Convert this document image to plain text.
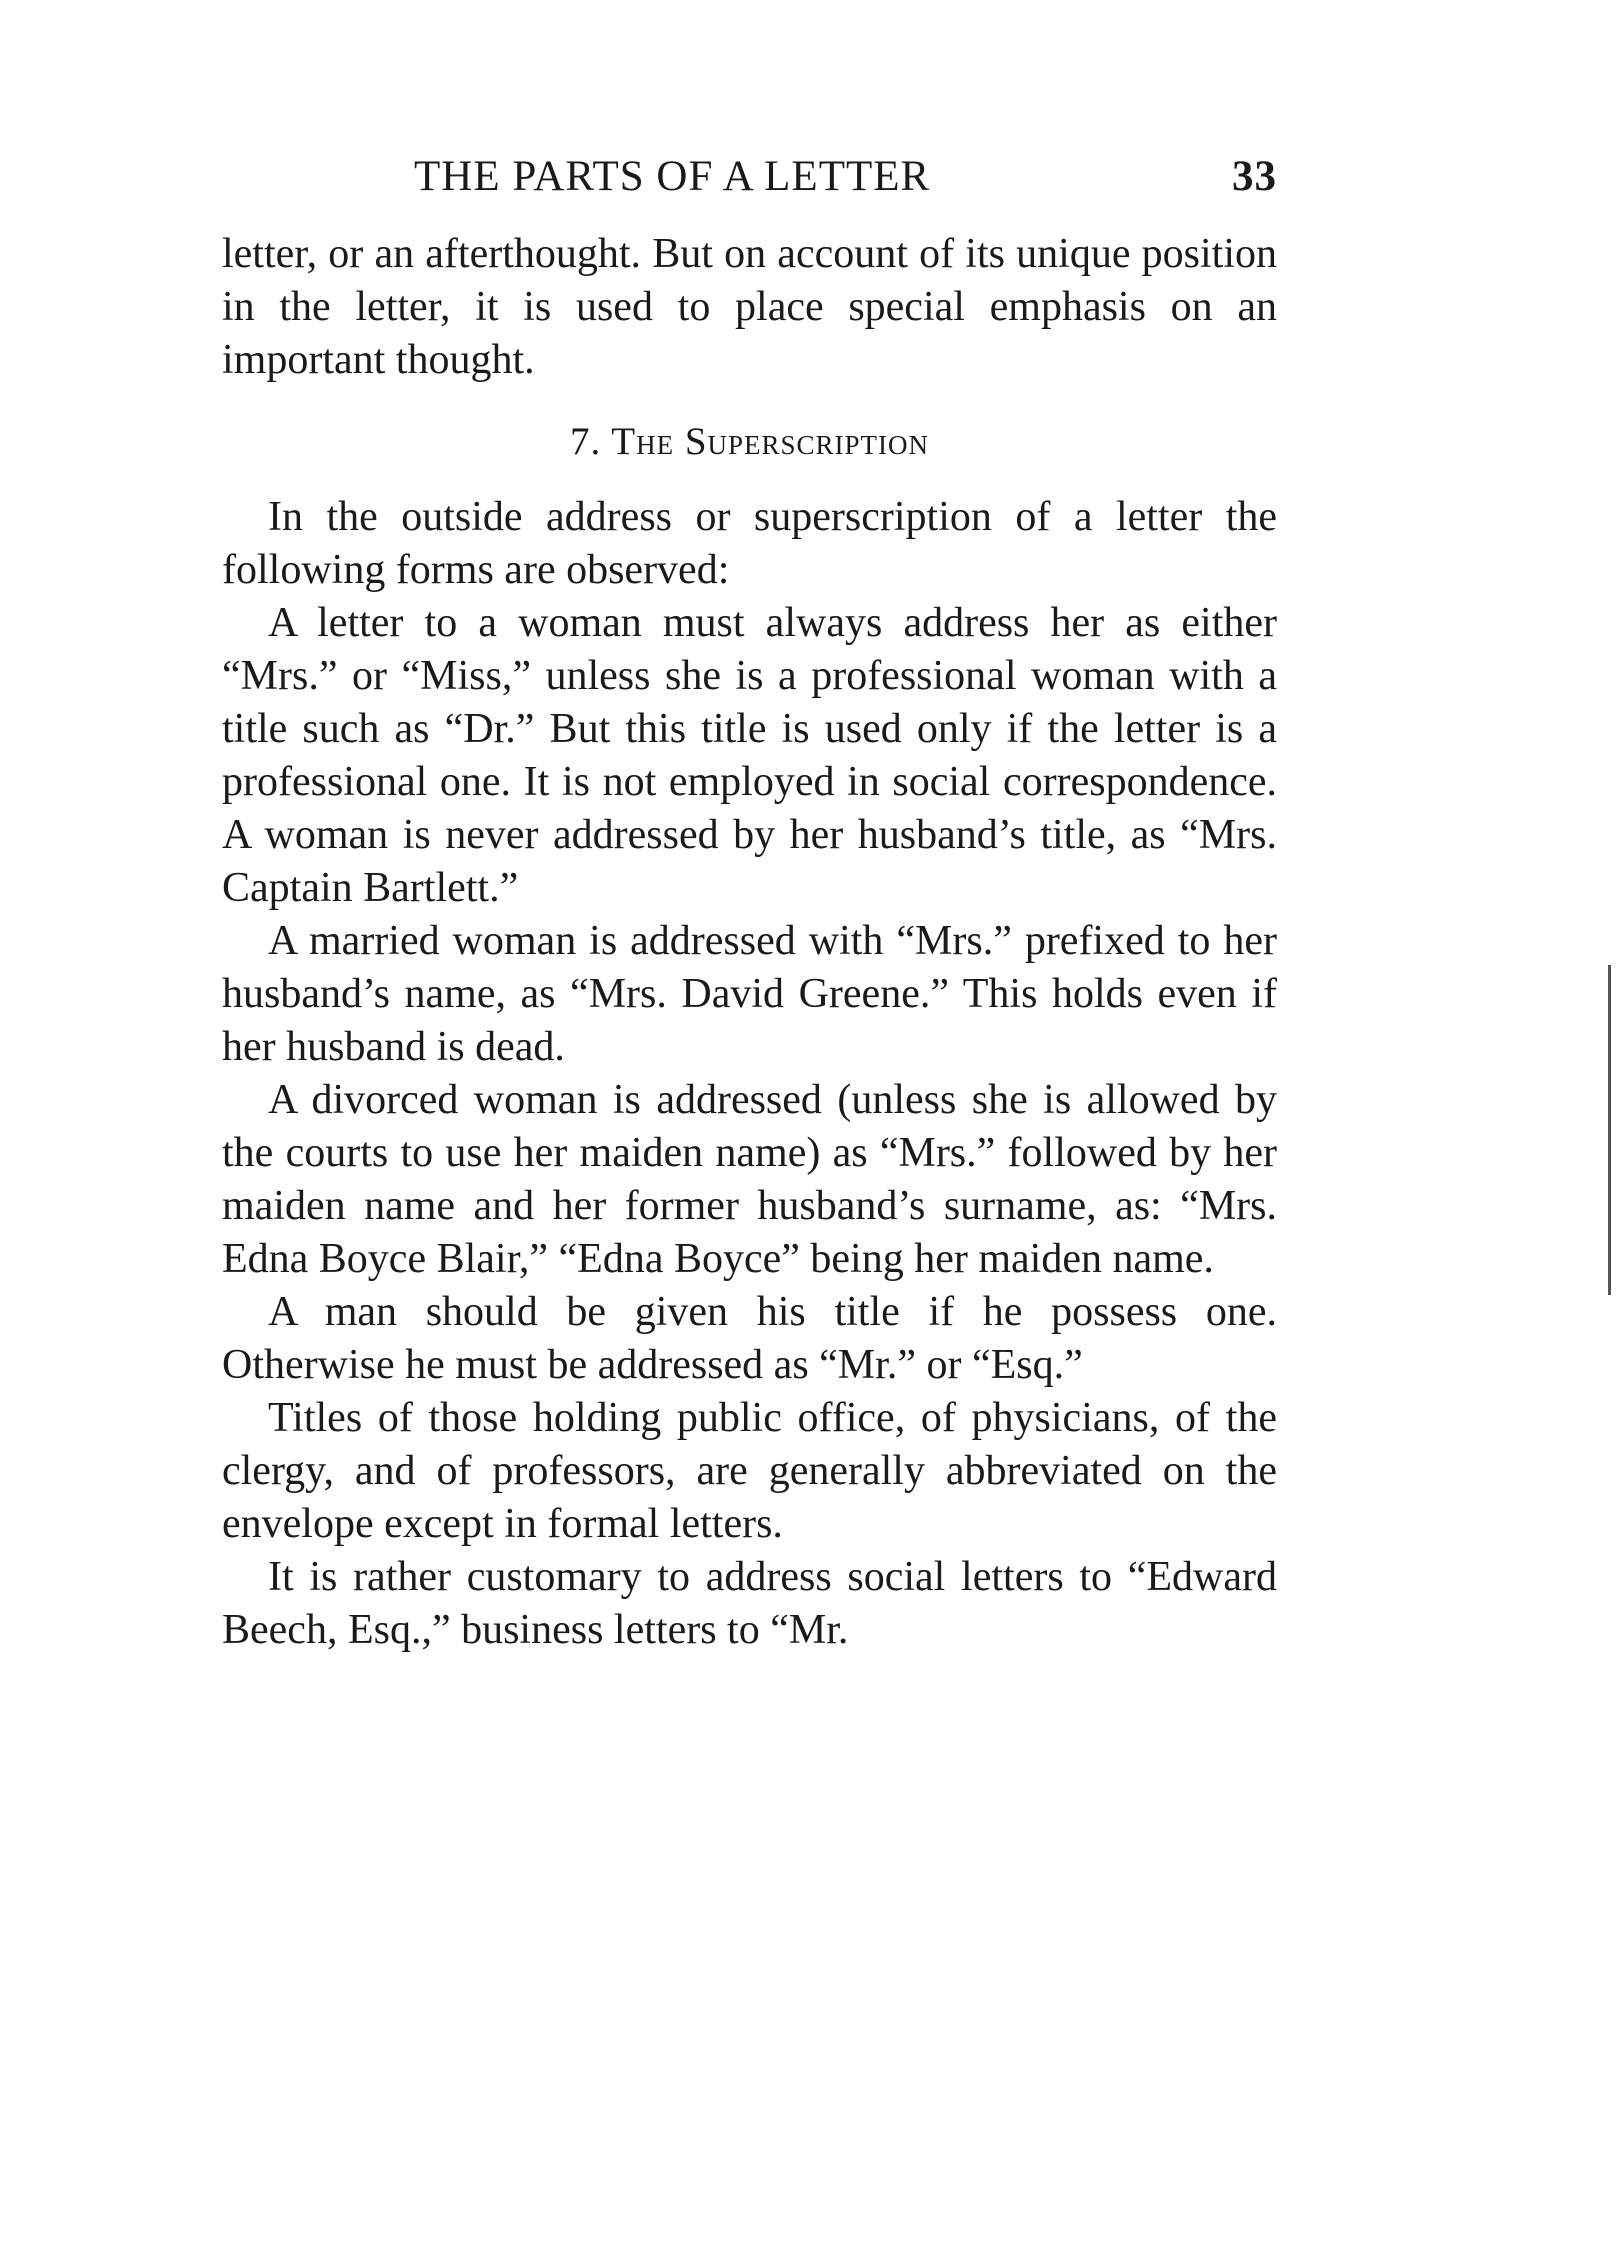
THE PARTS OF A LETTER	33

letter, or an afterthought. But on account of its unique position in the letter, it is used to place special emphasis on an important thought.

7. The Superscription

In the outside address or superscription of a letter the following forms are observed:

A letter to a woman must always address her as either “Mrs.” or “Miss,” unless she is a professional woman with a title such as “Dr.” But this title is used only if the letter is a professional one. It is not employed in social correspondence. A woman is never addressed by her husband’s title, as “Mrs. Captain Bartlett.”

A married woman is addressed with “Mrs.” prefixed to her husband’s name, as “Mrs. David Greene.” This holds even if her husband is dead.

A divorced woman is addressed (unless she is allowed by the courts to use her maiden name) as “Mrs.” followed by her maiden name and her former husband’s surname, as: “Mrs. Edna Boyce Blair,” “Edna Boyce” being her maiden name.

A man should be given his title if he possess one. Otherwise he must be addressed as “Mr.” or “Esq.”

Titles of those holding public office, of physicians, of the clergy, and of professors, are generally abbreviated on the envelope except in formal letters.

It is rather customary to address social letters to “Edward Beech, Esq.,” business letters to “Mr.
